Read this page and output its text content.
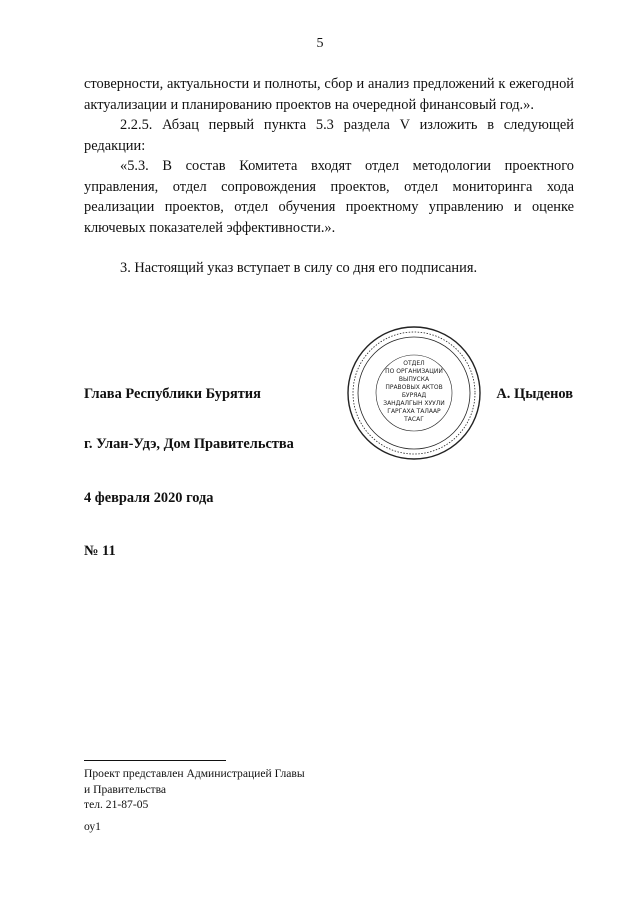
5

стоверности, актуальности и полноты, сбор и анализ предложений к ежегодной актуализации и планированию проектов на очередной финансовый год.».

2.2.5. Абзац первый пункта 5.3 раздела V изложить в следующей редакции:

«5.3. В состав Комитета входят отдел методологии проектного управления, отдел сопровождения проектов, отдел мониторинга хода реализации проектов, отдел обучения проектному управлению и оценке ключевых показателей эффективности.».

3. Настоящий указ вступает в силу со дня его подписания.

Глава Республики Бурятия	А. Цыденов
ОТДЕЛ
ПО ОРГАНИЗАЦИИ
ВЫПУСКА
ПРАВОВЫХ АКТОВ
БУРЯАД
ЗАНДАЛГЫН ХУУЛИ
ГАРГАХА ТАЛААР
ТАСАГ
г. Улан-Удэ, Дом Правительства
4 февраля 2020 года
№ 11
Проект представлен Администрацией Главы
и Правительства
тел. 21-87-05
оу1
